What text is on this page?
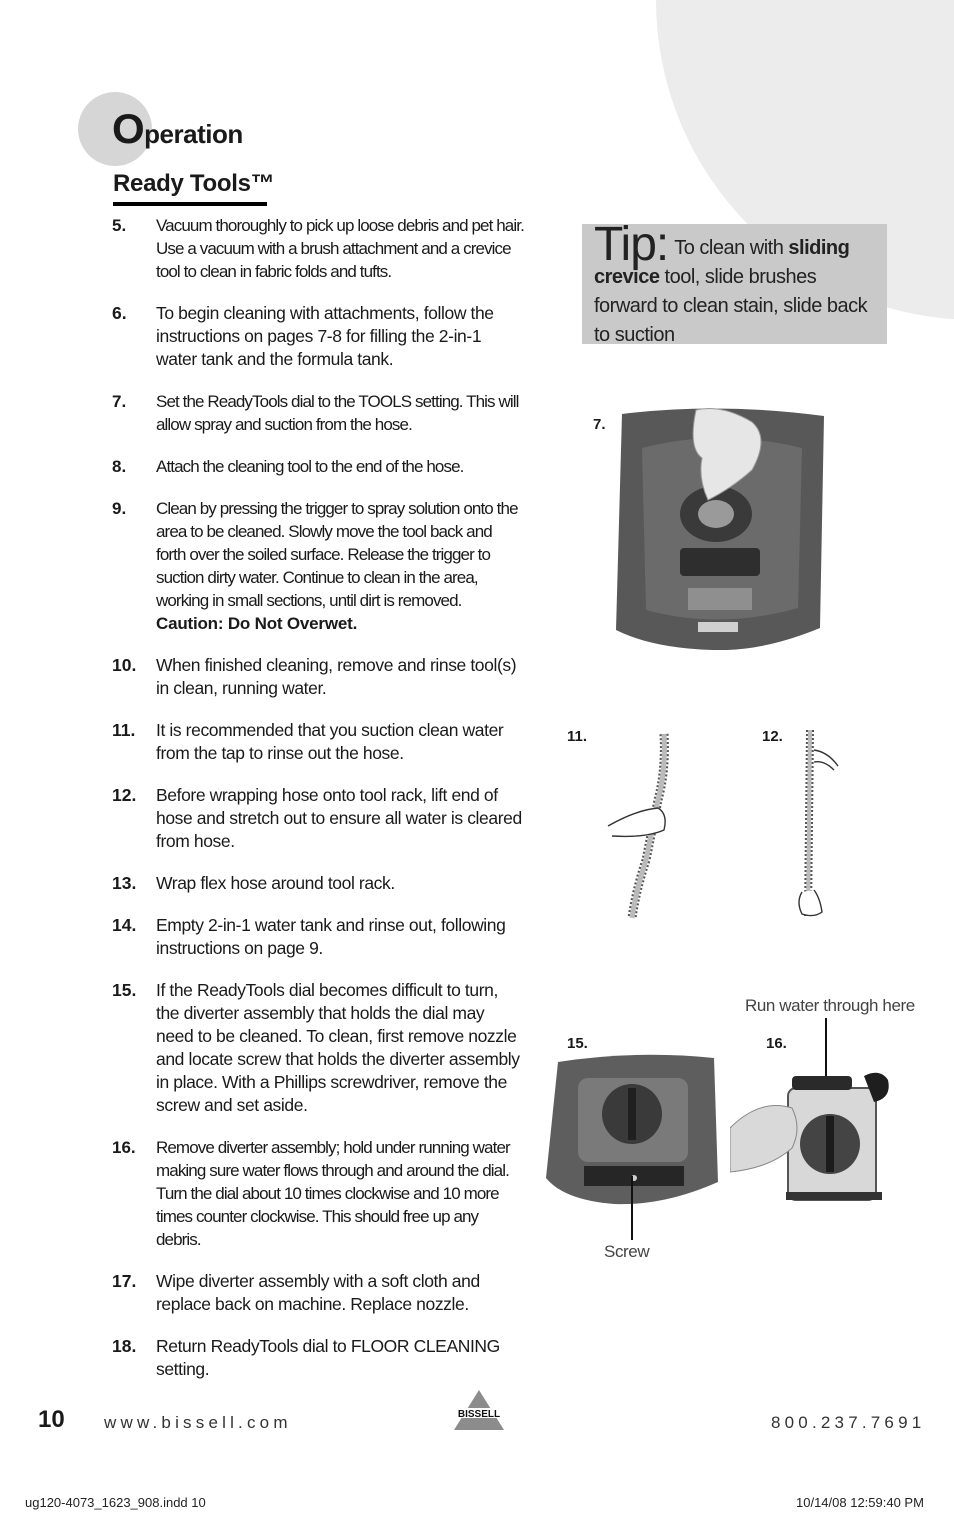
Operation
Ready Tools™
5.	Vacuum thoroughly to pick up loose debris and pet hair. Use a vacuum with a brush attachment and a crevice tool to clean in fabric folds and tufts.
6.	To begin cleaning with attachments, follow the instructions on pages 7-8 for filling the 2-in-1 water tank and the formula tank.
7.	Set the ReadyTools dial to the TOOLS setting. This will allow spray and suction from the hose.
8.	Attach the cleaning tool to the end of the hose.
9.	Clean by pressing the trigger to spray solution onto the area to be cleaned. Slowly move the tool back and forth over the soiled surface. Release the trigger to suction dirty water. Continue to clean in the area, working in small sections, until dirt is removed.
Caution: Do Not Overwet.
10.	When finished cleaning, remove and rinse tool(s) in clean, running water.
11.	It is recommended that you suction clean water from the tap to rinse out the hose.
12.	Before wrapping hose onto tool rack, lift end of hose and stretch out to ensure all water is cleared from hose.
13.	Wrap flex hose around tool rack.
14.	Empty 2-in-1 water tank and rinse out, following instructions on page 9.
15.	If the ReadyTools dial becomes difficult to turn, the diverter assembly that holds the dial may need to be cleaned. To clean, first remove nozzle and locate screw that holds the diverter assembly in place. With a Phillips screwdriver, remove the screw and set aside.
16.	Remove diverter assembly; hold under running water making sure water flows through and around the dial. Turn the dial about 10 times clockwise and 10 more times counter clockwise. This should free up any debris.
17.	Wipe diverter assembly with a soft cloth and replace back on machine. Replace nozzle.
18.	Return ReadyTools dial to FLOOR CLEANING setting.
Tip: To clean with sliding crevice tool, slide brushes forward to clean stain, slide back to suction
7.
11.	12.
Run water through here
15.
Screw
16.
10 www.bissell.com	BISSELL	800.237.7691
ug120-4073_1623_908.indd 10	10/14/08 12:59:40 PM
